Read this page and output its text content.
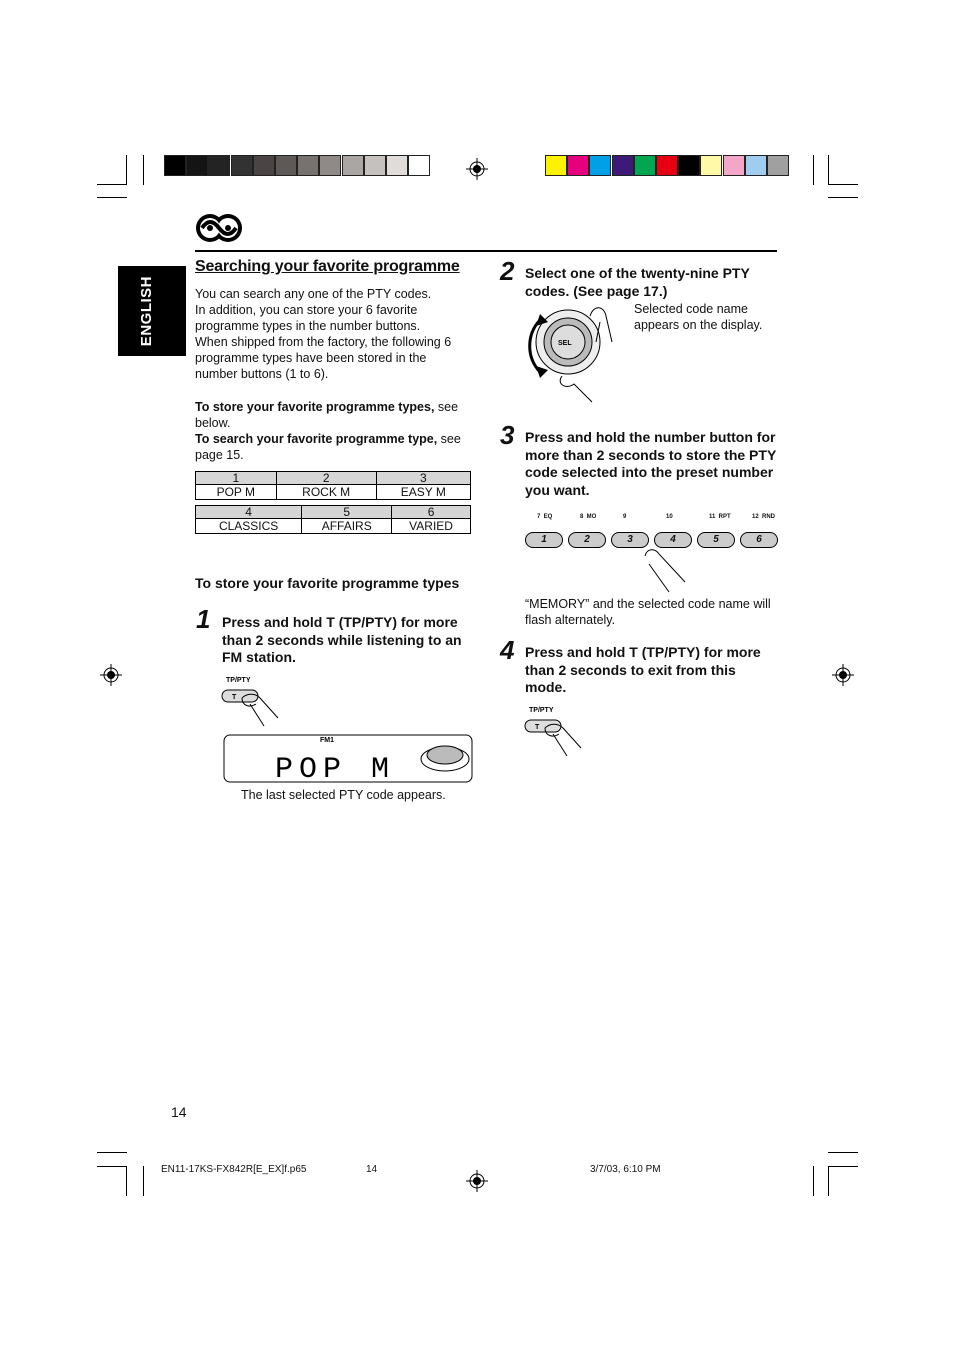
ENGLISH
Searching your favorite programme
You can search any one of the PTY codes.
In addition, you can store your 6 favorite programme types in the number buttons.
When shipped from the factory, the following 6 programme types have been stored in the number buttons (1 to 6).
To store your favorite programme types, see below.
To search your favorite programme type, see page 15.
1	2	3
POP M	ROCK M	EASY M
4	5	6
CLASSICS	AFFAIRS	VARIED
To store your favorite programme types
1 Press and hold T (TP/PTY) for more than 2 seconds while listening to an FM station.
TP/PTY
T
FM1
POP M
The last selected PTY code appears.
2 Select one of the twenty-nine PTY codes. (See page 17.)
SEL
Selected code name appears on the display.
3 Press and hold the number button for more than 2 seconds to store the PTY code selected into the preset number you want.
7  EQ	8  MO	9	10	11  RPT	12  RND
1	2	3	4	5	6
“MEMORY” and the selected code name will flash alternately.
4 Press and hold T (TP/PTY) for more than 2 seconds to exit from this mode.
TP/PTY
T
14
EN11-17KS-FX842R[E_EX]f.p65	14	3/7/03, 6:10 PM
